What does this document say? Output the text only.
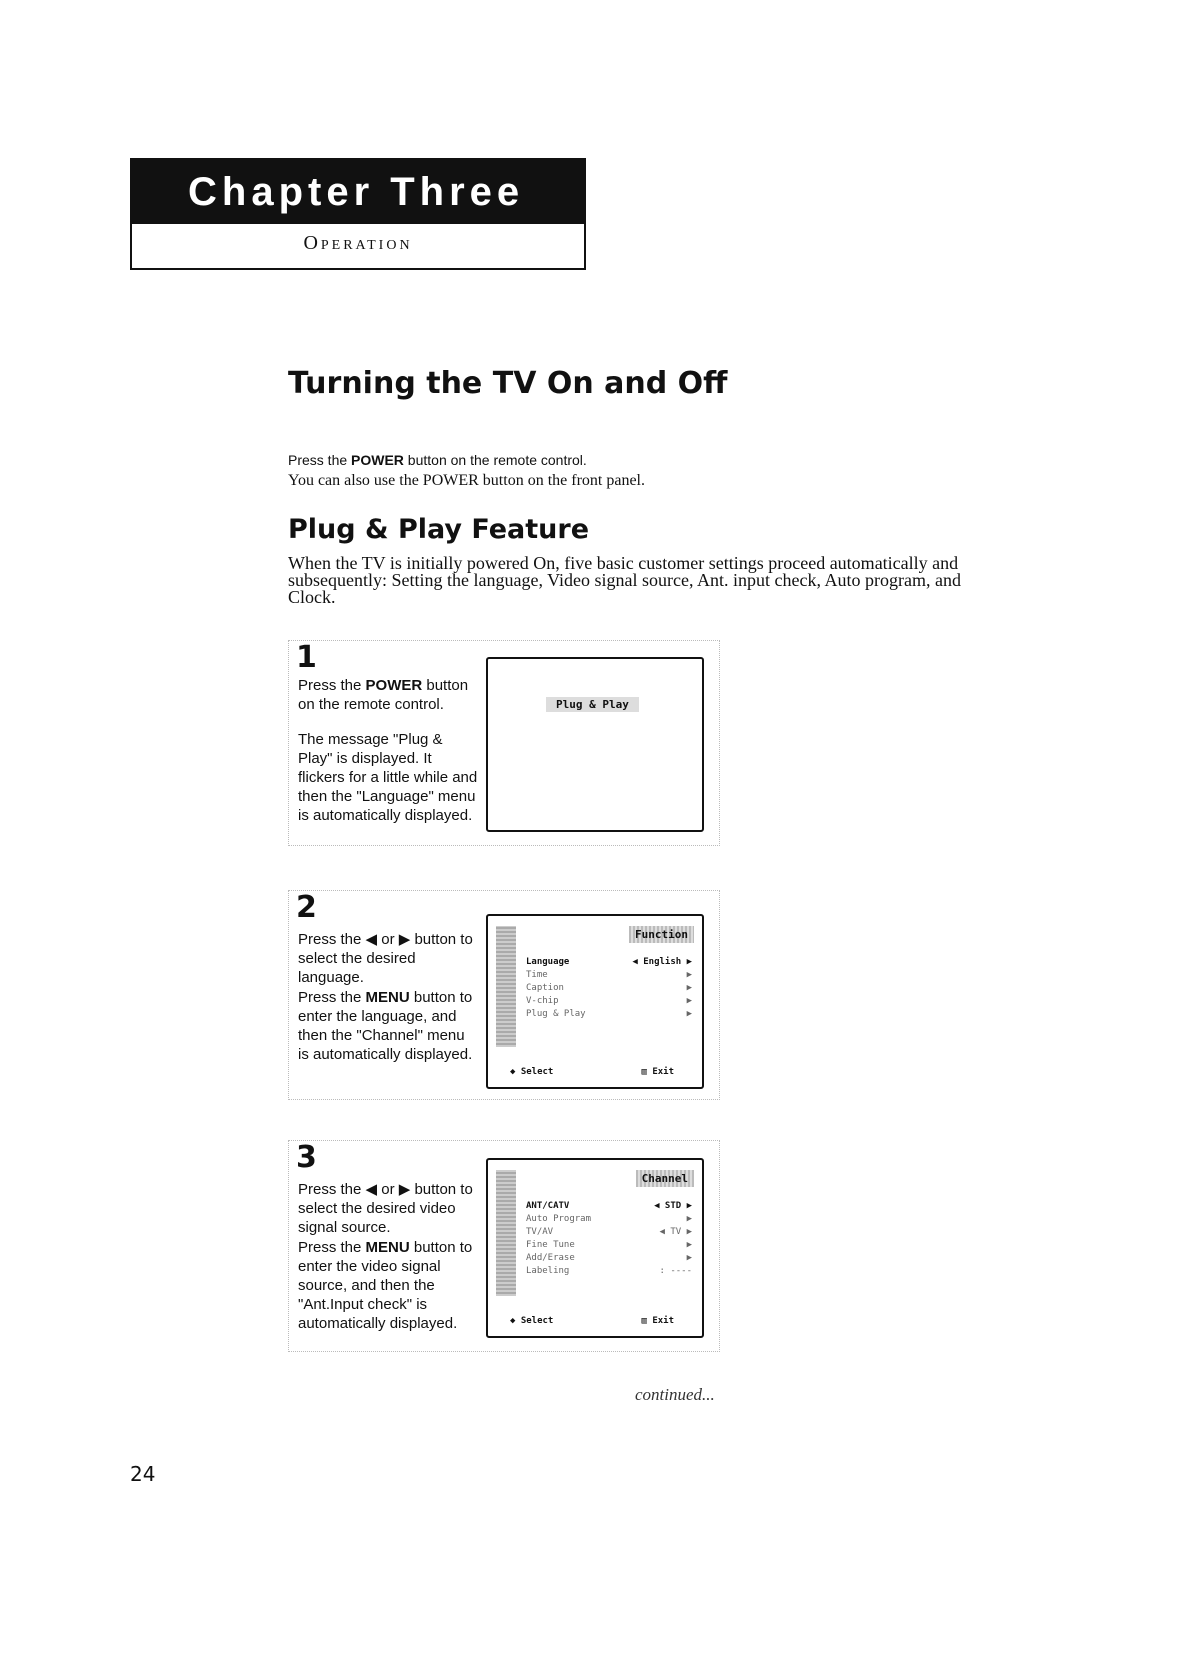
Chapter Three
Operation
Turning the TV On and Off
Press the POWER button on the remote control.
You can also use the POWER button on the front panel.
Plug & Play Feature
When the TV is initially powered On, five basic customer settings proceed automatically and subsequently: Setting the language, Video signal source, Ant. input check, Auto program, and Clock.
1
Press the POWER button on the remote control.
The message "Plug & Play" is displayed. It flickers for a little while and then the "Language" menu is automatically displayed.
Plug & Play
2
Press the ◀ or ▶ button to select the desired language.
Press the MENU button to enter the language, and then the "Channel" menu is automatically displayed.
Function
Language	◀ English ▶
Time	▶
Caption	▶
V-chip	▶
Plug & Play	▶
◆ Select	▥ Exit
3
Press the ◀ or ▶ button to select the desired video signal source.
Press the MENU button to enter the video signal source, and then the "Ant.Input check" is automatically displayed.
Channel
ANT/CATV	◀ STD ▶
Auto Program	▶
TV/AV	◀ TV ▶
Fine Tune	▶
Add/Erase	▶
Labeling	: ----
◆ Select	▥ Exit
continued...
24
